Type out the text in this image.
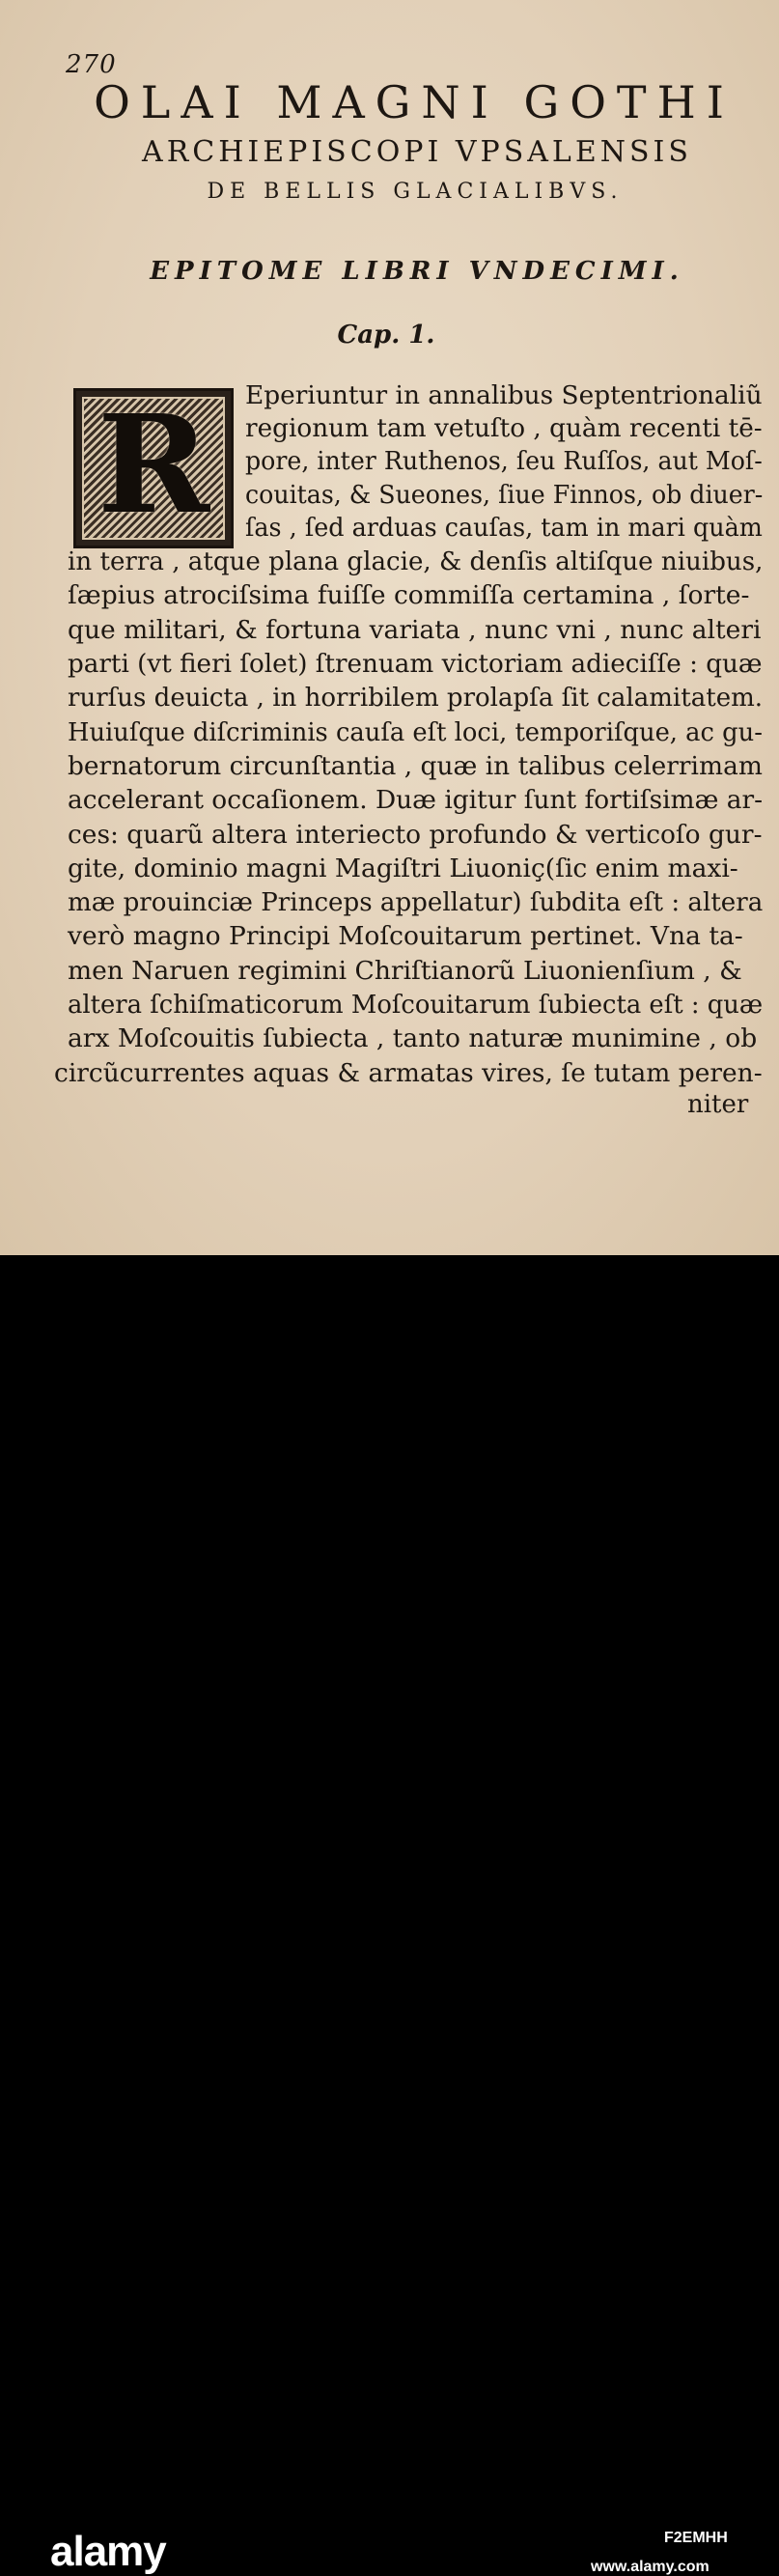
270
OLAI MAGNI GOTHI
ARCHIEPISCOPI VPSALENSIS
DE BELLIS GLACIALIBVS.
EPITOME LIBRI VNDECIMI.
Cap. 1.
R	Eperiuntur in annalibus Septentrionaliũ
regionum tam vetuſto , quàm recenti tē-
pore, inter Ruthenos, ſeu Ruſſos, aut Moſ-
couitas, & Sueones, ſiue Finnos, ob diuer-
ſas , ſed arduas cauſas, tam in mari quàm
in terra , atque plana glacie, & denſis altiſque niuibus,
ſæpius atrociſsima fuiſſe commiſſa certamina , ſorte-
que militari, & fortuna variata , nunc vni , nunc alteri
parti (vt fieri ſolet) ſtrenuam victoriam adieciſſe : quæ
rurſus deuicta , in horribilem prolapſa ſit calamitatem.
Huiuſque diſcriminis cauſa eſt loci, temporiſque, ac gu-
bernatorum circunſtantia , quæ in talibus celerrimam
accelerant occaſionem. Duæ igitur ſunt fortiſsimæ ar-
ces: quarũ altera interiecto profundo & verticoſo gur-
gite, dominio magni Magiſtri Liuoniç(ſic enim maxi-
mæ prouinciæ Princeps appellatur) ſubdita eſt : altera
verò magno Principi Moſcouitarum pertinet. Vna ta-
men Naruen regimini Chriſtianorũ Liuonienſium , &
altera ſchiſmaticorum Moſcouitarum ſubiecta eſt : quæ
arx Moſcouitis ſubiecta , tanto naturæ munimine , ob
circũcurrentes aquas & armatas vires, ſe tutam peren-
niter
alamy	F2EMHH
www.alamy.com
